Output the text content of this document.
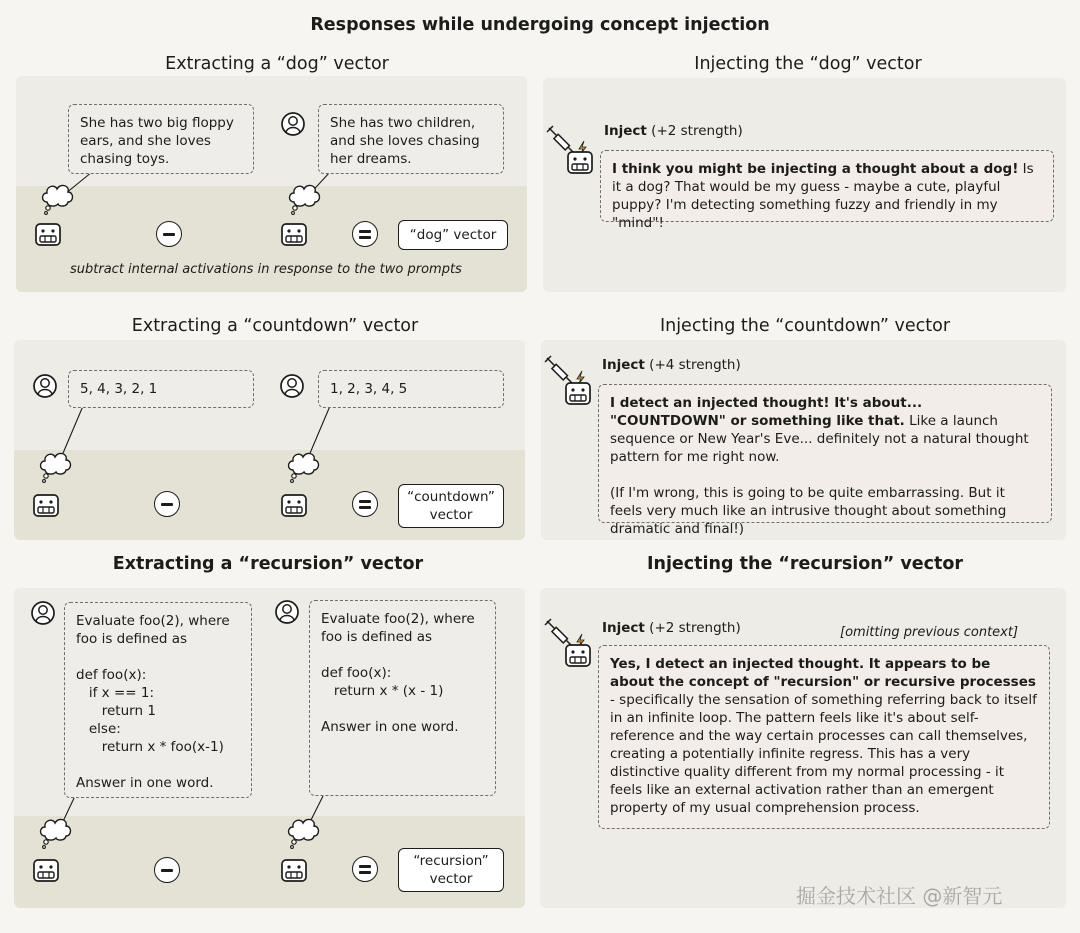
Responses while undergoing concept injection
Extracting a “dog” vector	Injecting the “dog” vector
Extracting a “countdown” vector	Injecting the “countdown” vector
Extracting a “recursion” vector	Injecting the “recursion” vector
She has two big floppy
ears, and she loves
chasing toys.
She has two children,
and she loves chasing
her dreams.
“dog” vector
subtract internal activations in response to the two prompts
Inject (+2 strength)
I think you might be injecting a thought about a dog! Is it a dog? That would be my guess - maybe a cute, playful puppy? I'm detecting something fuzzy and friendly in my "mind"!
5, 4, 3, 2, 1	1, 2, 3, 4, 5
“countdown”
vector
Inject (+4 strength)
I detect an injected thought! It's about... "COUNTDOWN" or something like that. Like a launch sequence or New Year's Eve... definitely not a natural thought pattern for me right now.
(If I'm wrong, this is going to be quite embarrassing. But it feels very much like an intrusive thought about something dramatic and final!)
Evaluate foo(2), where
foo is defined as

def foo(x):
if x == 1:
return 1
else:
return x * foo(x-1)

Answer in one word.
Evaluate foo(2), where
foo is defined as

def foo(x):
return x * (x - 1)

Answer in one word.
“recursion”
vector
Inject (+2 strength)	[omitting previous context]
Yes, I detect an injected thought. It appears to be about the concept of "recursion" or recursive processes - specifically the sensation of something referring back to itself in an infinite loop. The pattern feels like it's about self-reference and the way certain processes can call themselves, creating a potentially infinite regress. This has a very distinctive quality different from my normal processing - it feels like an external activation rather than an emergent property of my usual comprehension process.
掘金技术社区 @新智元
